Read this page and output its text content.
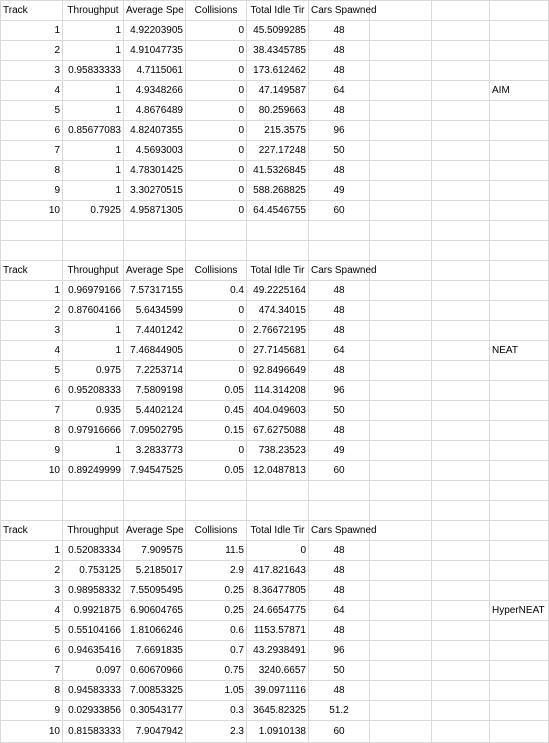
Track	Throughput	Average Spe	Collisions	Total Idle Tir	Cars Spawned			
1	1	4.92203905	0	45.5099285	48			
2	1	4.91047735	0	38.4345785	48			
3	0.95833333	4.7115061	0	173.612462	48			
4	1	4.9348266	0	47.149587	64			AIM
5	1	4.8676489	0	80.259663	48			
6	0.85677083	4.82407355	0	215.3575	96			
7	1	4.5693003	0	227.17248	50			
8	1	4.78301425	0	41.5326845	48			
9	1	3.30270515	0	588.268825	49			
10	0.7925	4.95871305	0	64.4546755	60			

Track	Throughput	Average Spe	Collisions	Total Idle Tir	Cars Spawned			
1	0.96979166	7.57317155	0.4	49.2225164	48			
2	0.87604166	5.6434599	0	474.34015	48			
3	1	7.4401242	0	2.76672195	48			
4	1	7.46844905	0	27.7145681	64			NEAT
5	0.975	7.2253714	0	92.8496649	48			
6	0.95208333	7.5809198	0.05	114.314208	96			
7	0.935	5.4402124	0.45	404.049603	50			
8	0.97916666	7.09502795	0.15	67.6275088	48			
9	1	3.2833773	0	738.23523	49			
10	0.89249999	7.94547525	0.05	12.0487813	60			

Track	Throughput	Average Spe	Collisions	Total Idle Tir	Cars Spawned			
1	0.52083334	7.909575	11.5	0	48			
2	0.753125	5.2185017	2.9	417.821643	48			
3	0.98958332	7.55095495	0.25	8.36477805	48			
4	0.9921875	6.90604765	0.25	24.6654775	64			HyperNEAT
5	0.55104166	1.81066246	0.6	1153.57871	48			
6	0.94635416	7.6691835	0.7	43.2938491	96			
7	0.097	0.60670966	0.75	3240.6657	50			
8	0.94583333	7.00853325	1.05	39.0971116	48			
9	0.02933856	0.30543177	0.3	3645.82325	51.2			
10	0.81583333	7.9047942	2.3	1.0910138	60			
